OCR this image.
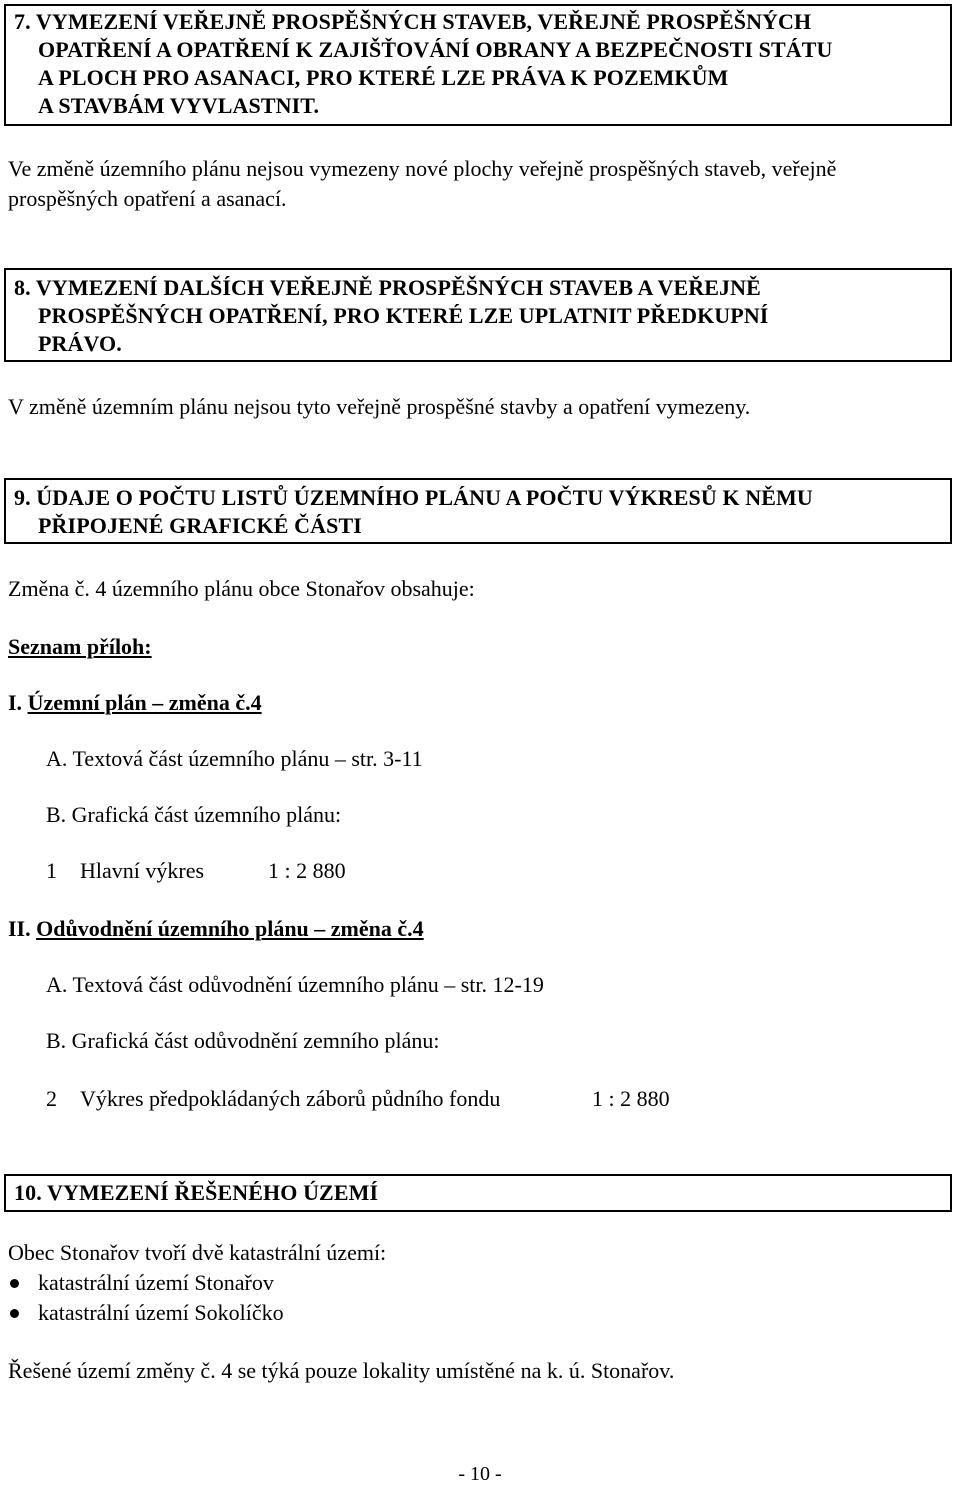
7. VYMEZENÍ VEŘEJNĚ PROSPĚŠNÝCH STAVEB, VEŘEJNĚ PROSPĚŠNÝCH
OPATŘENÍ A OPATŘENÍ K ZAJIŠŤOVÁNÍ OBRANY A BEZPEČNOSTI STÁTU
A PLOCH PRO ASANACI, PRO KTERÉ LZE PRÁVA K POZEMKŮM
A STAVBÁM VYVLASTNIT.

Ve změně územního plánu nejsou vymezeny nové plochy veřejně prospěšných staveb, veřejně

prospěšných opatření a asanací.

8. VYMEZENÍ DALŠÍCH VEŘEJNĚ PROSPĚŠNÝCH STAVEB A VEŘEJNĚ
PROSPĚŠNÝCH OPATŘENÍ, PRO KTERÉ LZE UPLATNIT PŘEDKUPNÍ
PRÁVO.

V změně územním plánu nejsou tyto veřejně prospěšné stavby a opatření vymezeny.

9. ÚDAJE O POČTU LISTŮ ÚZEMNÍHO PLÁNU A POČTU VÝKRESŮ K NĚMU
PŘIPOJENÉ GRAFICKÉ ČÁSTI

Změna č. 4 územního plánu obce Stonařov obsahuje:

Seznam příloh:

I. Územní plán – změna č.4

A. Textová část územního plánu – str. 3-11

B. Grafická část územního plánu:

1 Hlavní výkres	1 : 2 880

II. Odůvodnění územního plánu – změna č.4

A. Textová část odůvodnění územního plánu – str. 12-19

B. Grafická část odůvodnění zemního plánu:

2 Výkres předpokládaných záborů půdního fondu	1 : 2 880

10. VYMEZENÍ ŘEŠENÉHO ÚZEMÍ

Obec Stonařov tvoří dvě katastrální území:

katastrální území Stonařov
katastrální území Sokolíčko

Řešené území změny č. 4 se týká pouze lokality umístěné na k. ú. Stonařov.

- 10 -
